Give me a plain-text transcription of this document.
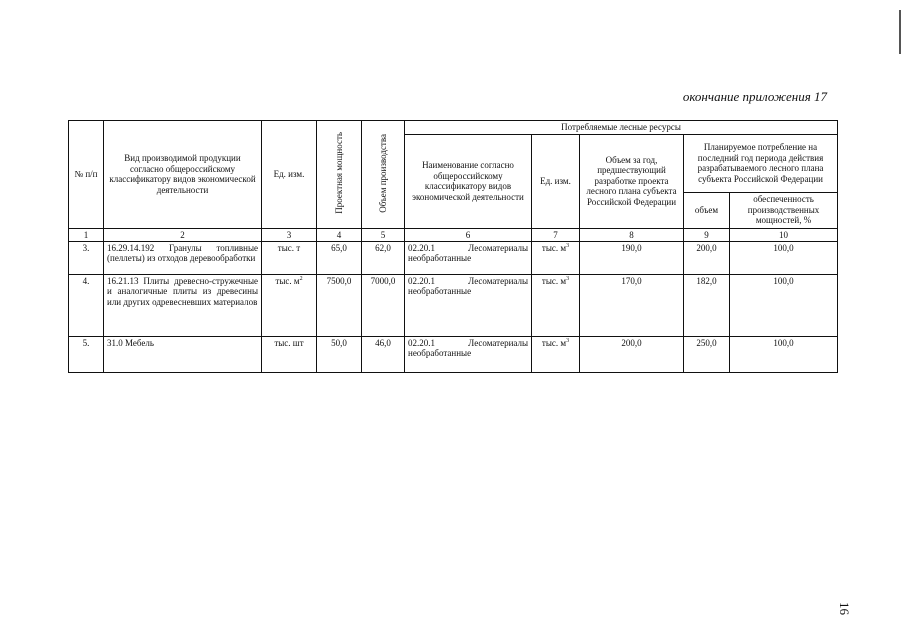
окончание приложения 17
№ п/п	Вид производимой продукции согласно общероссийскому классификатору видов экономической деятельности	Ед. изм.	Проектная мощность	Объем производства	Потребляемые лесные ресурсы				
					Наименование согласно общероссийскому классификатору видов экономической деятельности	Ед. изм.	Объем за год, предшествующий разработке проекта лесного плана субъекта Российской Федерации	Планируемое потребление на последний год периода действия разрабатываемого лесного плана субъекта Российской Федерации	
								объем	обеспеченность производственных мощностей, %
1	2	3	4	5	6	7	8	9	10
3.	16.29.14.192 Гранулы топливные (пеллеты) из отходов деревообработки	тыс. т	65,0	62,0	02.20.1 Лесоматериалы необработанные	тыс. $м^3$	190,0	200,0	100,0
4.	16.21.13 Плиты древесно-стружечные и аналогичные плиты из древесины или других одревесневших материалов	тыс. $м^2$	7500,0	7000,0	02.20.1 Лесоматериалы необработанные	тыс. $м^3$	170,0	182,0	100,0
5.	31.0 Мебель	тыс. шт	50,0	46,0	02.20.1 Лесоматериалы необработанные	тыс. $м^3$	200,0	250,0	100,0
16
